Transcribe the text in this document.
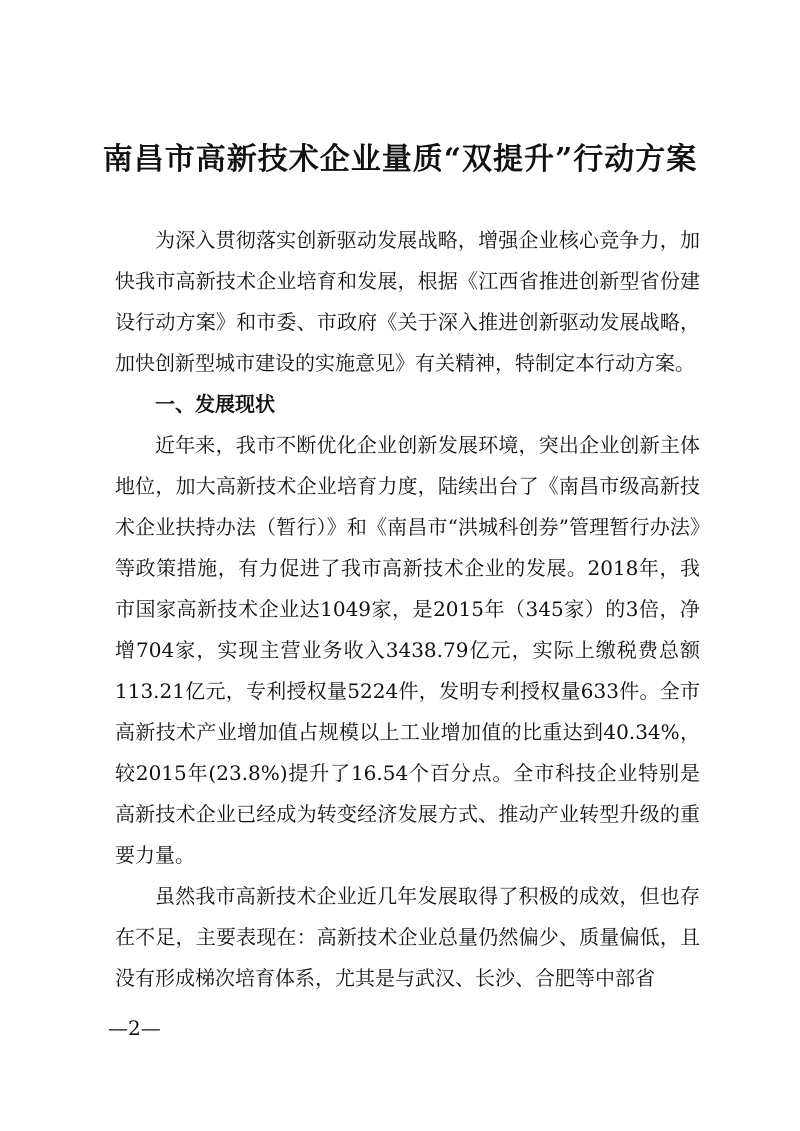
南昌市高新技术企业量质“双提升”行动方案

为深入贯彻落实创新驱动发展战略，增强企业核心竞争力，加快我市高新技术企业培育和发展，根据《江西省推进创新型省份建设行动方案》和市委、市政府《关于深入推进创新驱动发展战略，加快创新型城市建设的实施意见》有关精神，特制定本行动方案。

一、发展现状

近年来，我市不断优化企业创新发展环境，突出企业创新主体地位，加大高新技术企业培育力度，陆续出台了《南昌市级高新技术企业扶持办法（暂行）》和《南昌市“洪城科创券”管理暂行办法》等政策措施，有力促进了我市高新技术企业的发展。2018年，我市国家高新技术企业达1049家，是2015年（345家）的3倍，净增704家，实现主营业务收入3438.79亿元，实际上缴税费总额113.21亿元，专利授权量5224件，发明专利授权量633件。全市高新技术产业增加值占规模以上工业增加值的比重达到40.34%，较2015年(23.8%)提升了16.54个百分点。全市科技企业特别是高新技术企业已经成为转变经济发展方式、推动产业转型升级的重要力量。

虽然我市高新技术企业近几年发展取得了积极的成效，但也存在不足，主要表现在：高新技术企业总量仍然偏少、质量偏低，且没有形成梯次培育体系，尤其是与武汉、长沙、合肥等中部省

—2—
